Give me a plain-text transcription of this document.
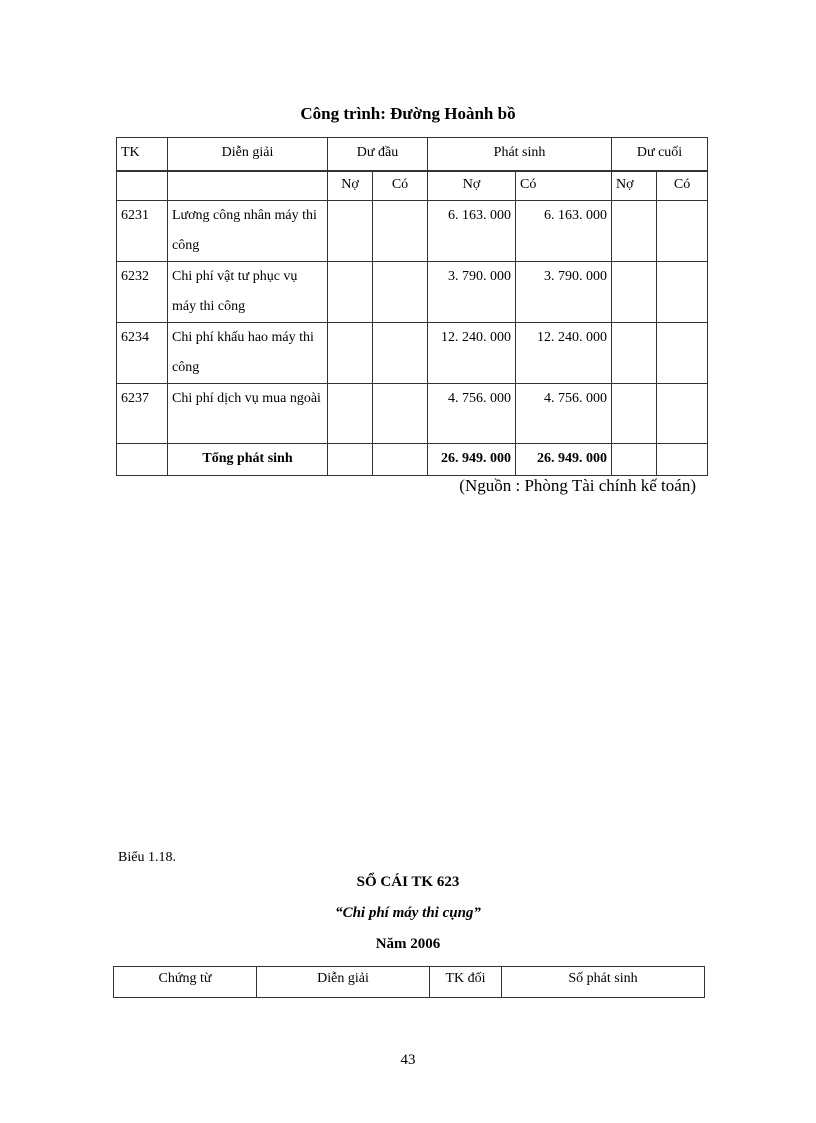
Công trình: Đường Hoành bồ
TK	Diễn giải	Dư đầu		Phát sinh		Dư cuối	
		Nợ	Có	Nợ	Có	Nợ	Có
6231	Lương công nhân máy thi công			6. 163. 000	6. 163. 000		
6232	Chi phí vật tư phục vụ máy thi công			3. 790. 000	3. 790. 000		
6234	Chi phí khấu hao máy thi công			12. 240. 000	12. 240. 000		
6237	Chi phí dịch vụ mua ngoài			4. 756. 000	4. 756. 000		
	Tổng phát sinh			26. 949. 000	26. 949. 000		
(Nguồn : Phòng Tài chính kế toán)
Biểu 1.18.
SỔ CÁI TK 623
“Chi phí máy thi cụng”
Năm 2006
Chứng từ	Diễn giải	TK đối	Số phát sinh
43
